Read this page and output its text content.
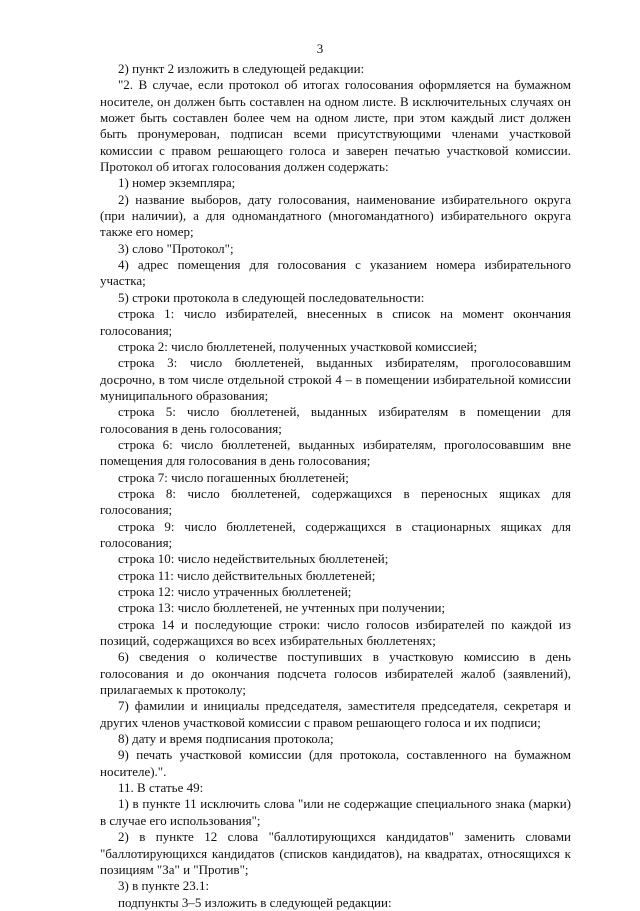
3

2) пункт 2 изложить в следующей редакции:

"2. В случае, если протокол об итогах голосования оформляется на бумажном носителе, он должен быть составлен на одном листе. В исключительных случаях он может быть составлен более чем на одном листе, при этом каждый лист должен быть пронумерован, подписан всеми присутствующими членами участковой комиссии с правом решающего голоса и заверен печатью участковой комиссии. Протокол об итогах голосования должен содержать:

1) номер экземпляра;

2) название выборов, дату голосования, наименование избирательного округа (при наличии), а для одномандатного (многомандатного) избирательного округа также его номер;

3) слово "Протокол";

4) адрес помещения для голосования с указанием номера избирательного участка;

5) строки протокола в следующей последовательности:

строка 1: число избирателей, внесенных в список на момент окончания голосования;

строка 2: число бюллетеней, полученных участковой комиссией;

строка 3: число бюллетеней, выданных избирателям, проголосовавшим досрочно, в том числе отдельной строкой 4 – в помещении избирательной комиссии муниципального образования;

строка 5: число бюллетеней, выданных избирателям в помещении для голосования в день голосования;

строка 6: число бюллетеней, выданных избирателям, проголосовавшим вне помещения для голосования в день голосования;

строка 7: число погашенных бюллетеней;

строка 8: число бюллетеней, содержащихся в переносных ящиках для голосования;

строка 9: число бюллетеней, содержащихся в стационарных ящиках для голосования;

строка 10: число недействительных бюллетеней;

строка 11: число действительных бюллетеней;

строка 12: число утраченных бюллетеней;

строка 13: число бюллетеней, не учтенных при получении;

строка 14 и последующие строки: число голосов избирателей по каждой из позиций, содержащихся во всех избирательных бюллетенях;

6) сведения о количестве поступивших в участковую комиссию в день голосования и до окончания подсчета голосов избирателей жалоб (заявлений), прилагаемых к протоколу;

7) фамилии и инициалы председателя, заместителя председателя, секретаря и других членов участковой комиссии с правом решающего голоса и их подписи;

8) дату и время подписания протокола;

9) печать участковой комиссии (для протокола, составленного на бумажном носителе).".

11. В статье 49:

1) в пункте 11 исключить слова "или не содержащие специального знака (марки) в случае его использования";

2) в пункте 12 слова "баллотирующихся кандидатов" заменить словами "баллотирующихся кандидатов (списков кандидатов), на квадратах, относящихся к позициям "За" и "Против";

3) в пункте 23.1:

подпункты 3–5 изложить в следующей редакции:
